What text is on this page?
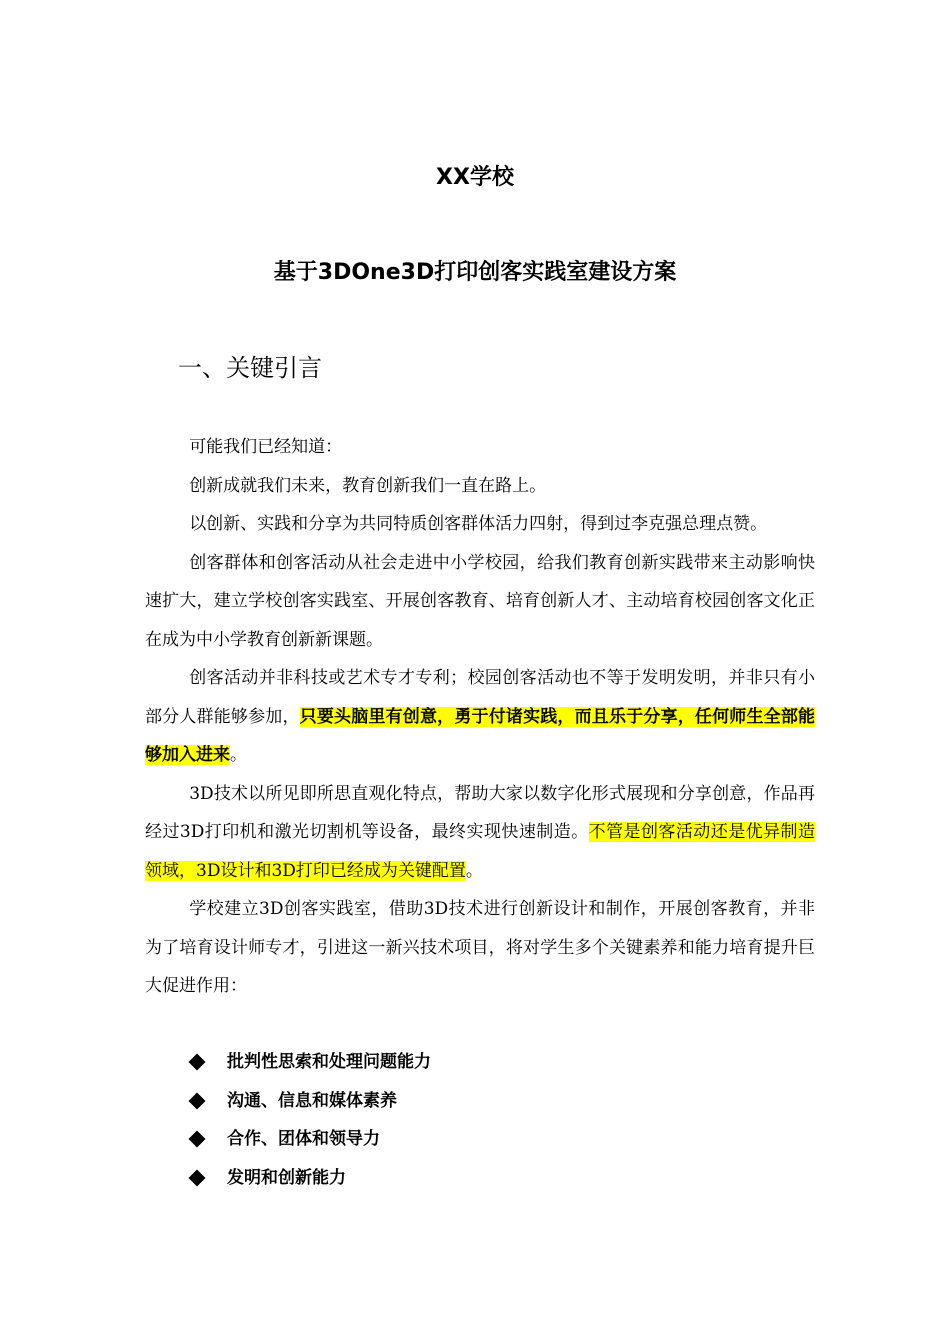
XX学校
基于3DOne3D打印创客实践室建设方案
一、关键引言

可能我们已经知道：

创新成就我们未来，教育创新我们一直在路上。

以创新、实践和分享为共同特质创客群体活力四射，得到过李克强总理点赞。

创客群体和创客活动从社会走进中小学校园，给我们教育创新实践带来主动影响快速扩大，建立学校创客实践室、开展创客教育、培育创新人才、主动培育校园创客文化正在成为中小学教育创新新课题。

创客活动并非科技或艺术专才专利；校园创客活动也不等于发明发明，并非只有小部分人群能够参加，只要头脑里有创意，勇于付诸实践，而且乐于分享，任何师生全部能够加入进来。

3D技术以所见即所思直观化特点，帮助大家以数字化形式展现和分享创意，作品再经过3D打印机和激光切割机等设备，最终实现快速制造。不管是创客活动还是优异制造领域，3D设计和3D打印已经成为关键配置。

学校建立3D创客实践室，借助3D技术进行创新设计和制作，开展创客教育，并非为了培育设计师专才，引进这一新兴技术项目，将对学生多个关键素养和能力培育提升巨大促进作用：

批判性思索和处理问题能力
沟通、信息和媒体素养
合作、团体和领导力
发明和创新能力
